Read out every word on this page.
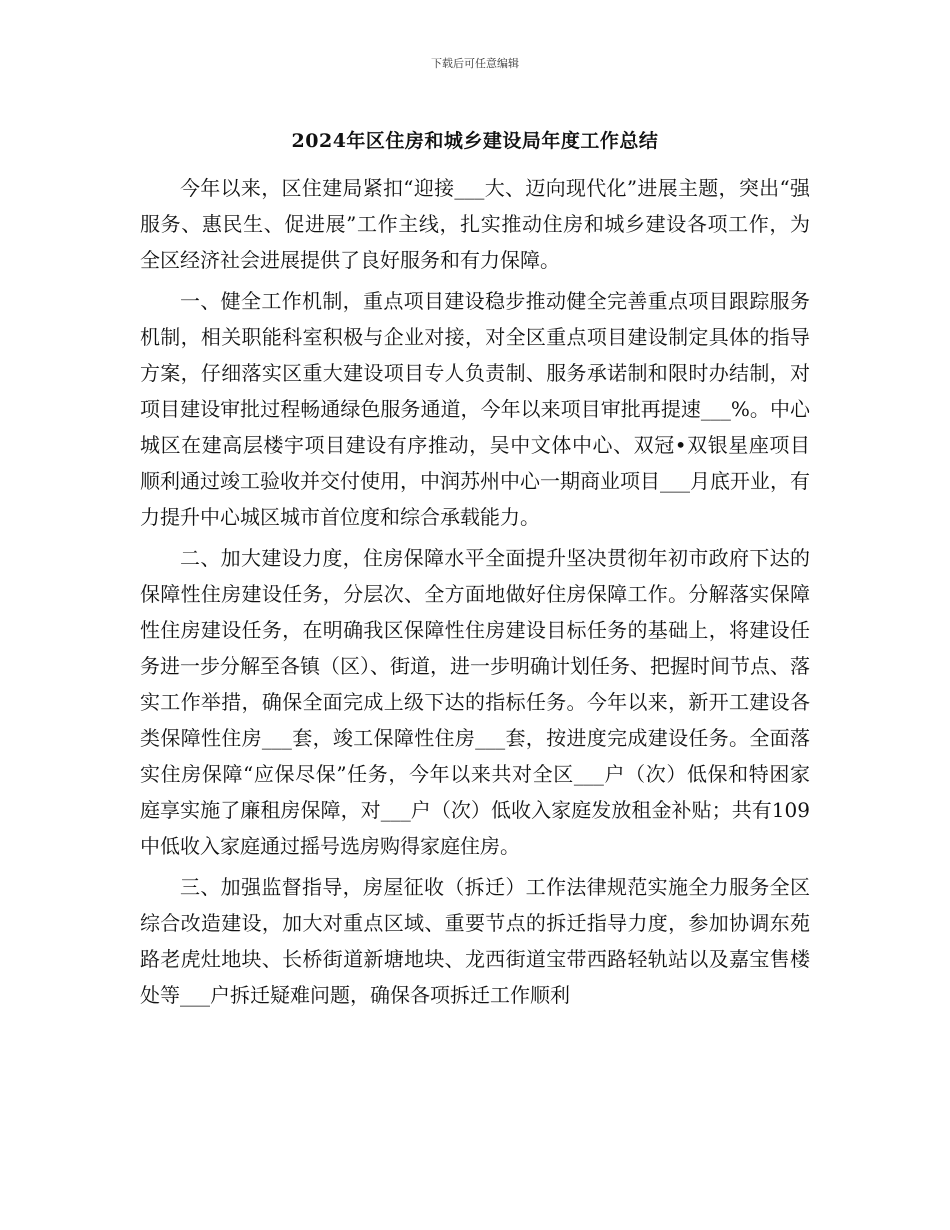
下载后可任意编辑
2024年区住房和城乡建设局年度工作总结

今年以来，区住建局紧扣“迎接___大、迈向现代化”进展主题，突出“强服务、惠民生、促进展”工作主线，扎实推动住房和城乡建设各项工作，为全区经济社会进展提供了良好服务和有力保障。

一、健全工作机制，重点项目建设稳步推动健全完善重点项目跟踪服务机制，相关职能科室积极与企业对接，对全区重点项目建设制定具体的指导方案，仔细落实区重大建设项目专人负责制、服务承诺制和限时办结制，对项目建设审批过程畅通绿色服务通道，今年以来项目审批再提速___%。中心城区在建高层楼宇项目建设有序推动，吴中文体中心、双冠•双银星座项目顺利通过竣工验收并交付使用，中润苏州中心一期商业项目___月底开业，有力提升中心城区城市首位度和综合承载能力。

二、加大建设力度，住房保障水平全面提升坚决贯彻年初市政府下达的保障性住房建设任务，分层次、全方面地做好住房保障工作。分解落实保障性住房建设任务，在明确我区保障性住房建设目标任务的基础上，将建设任务进一步分解至各镇（区）、街道，进一步明确计划任务、把握时间节点、落实工作举措，确保全面完成上级下达的指标任务。今年以来，新开工建设各类保障性住房___套，竣工保障性住房___套，按进度完成建设任务。全面落实住房保障“应保尽保”任务，今年以来共对全区___户（次）低保和特困家庭享实施了廉租房保障，对___户（次）低收入家庭发放租金补贴；共有109中低收入家庭通过摇号选房购得家庭住房。

三、加强监督指导，房屋征收（拆迁）工作法律规范实施全力服务全区综合改造建设，加大对重点区域、重要节点的拆迁指导力度，参加协调东苑路老虎灶地块、长桥街道新塘地块、龙西街道宝带西路轻轨站以及嘉宝售楼处等___户拆迁疑难问题，确保各项拆迁工作顺利
